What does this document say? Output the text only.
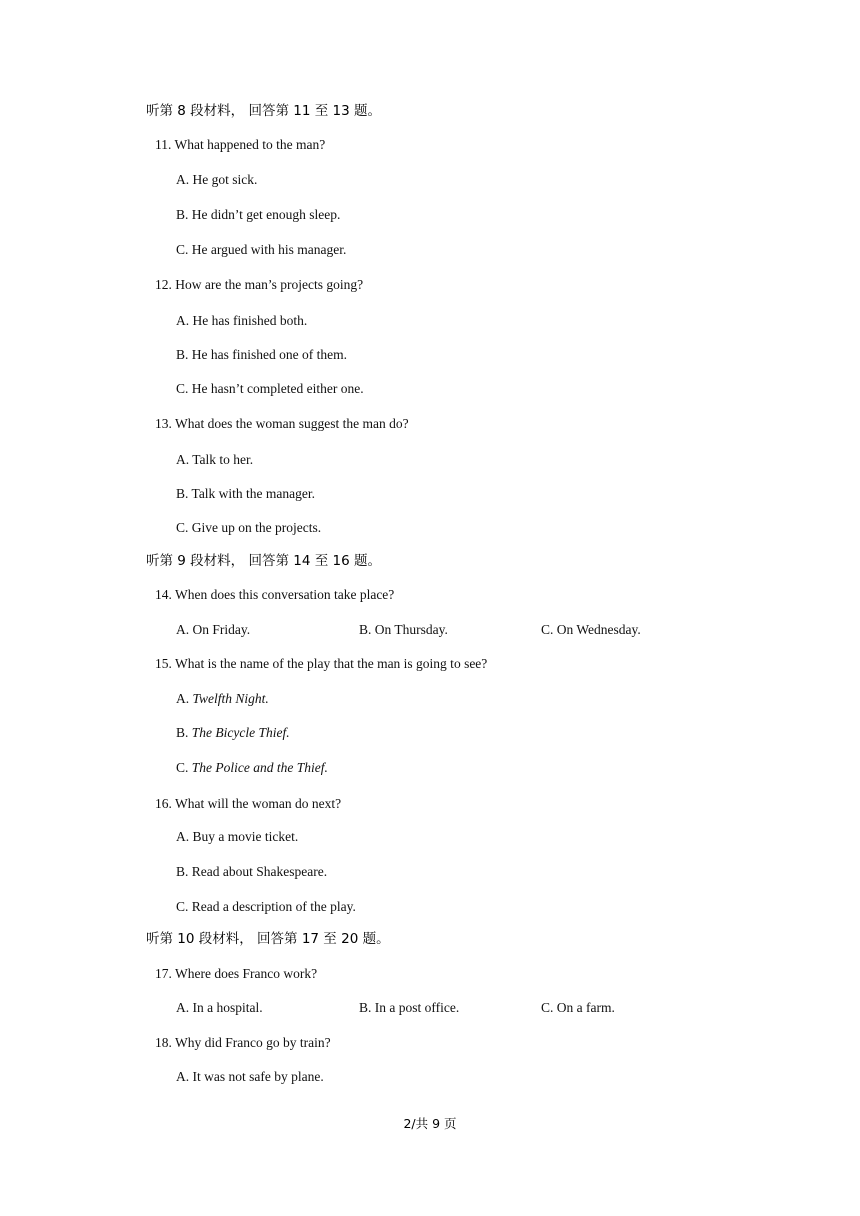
听第 8 段材料， 回答第 11 至 13 题。
11. What happened to the man?
A. He got sick.
B. He didn’t get enough sleep.
C. He argued with his manager.
12. How are the man’s projects going?
A. He has finished both.
B. He has finished one of them.
C. He hasn’t completed either one.
13. What does the woman suggest the man do?
A. Talk to her.
B. Talk with the manager.
C. Give up on the projects.
听第 9 段材料， 回答第 14 至 16 题。
14. When does this conversation take place?
A. On Friday.	B. On Thursday.	C. On Wednesday.
15. What is the name of the play that the man is going to see?
A. Twelfth Night.
B. The Bicycle Thief.
C. The Police and the Thief.
16. What will the woman do next?
A. Buy a movie ticket.
B. Read about Shakespeare.
C. Read a description of the play.
听第 10 段材料， 回答第 17 至 20 题。
17. Where does Franco work?
A. In a hospital.	B. In a post office.	C. On a farm.
18. Why did Franco go by train?
A. It was not safe by plane.
2/共 9 页
